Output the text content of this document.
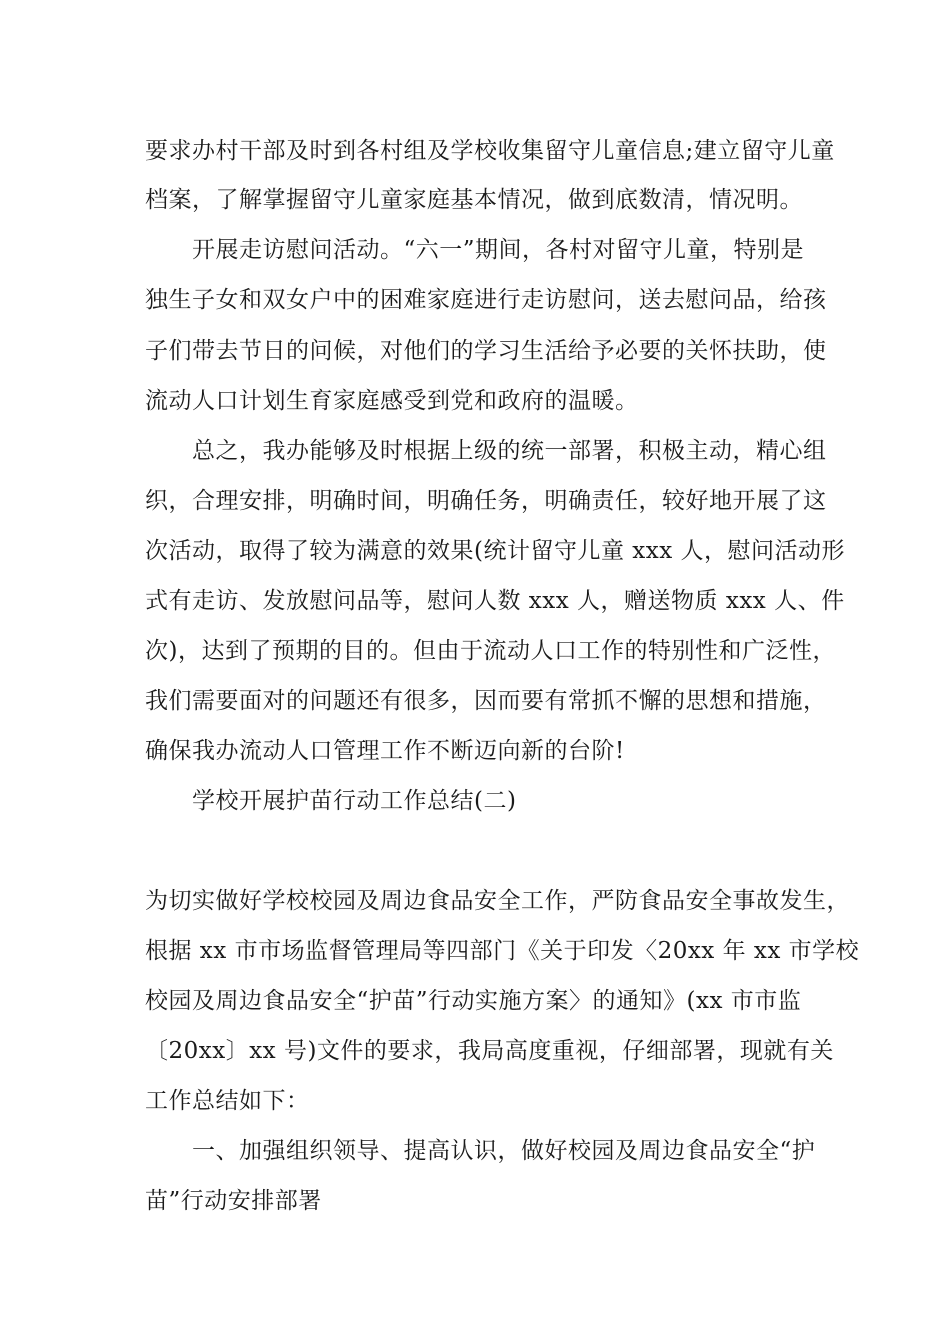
要求办村干部及时到各村组及学校收集留守儿童信息;建立留守儿童
档案，了解掌握留守儿童家庭基本情况，做到底数清，情况明。
开展走访慰问活动。“六一”期间，各村对留守儿童，特别是
独生子女和双女户中的困难家庭进行走访慰问，送去慰问品，给孩
子们带去节日的问候，对他们的学习生活给予必要的关怀扶助，使
流动人口计划生育家庭感受到党和政府的温暖。
总之，我办能够及时根据上级的统一部署，积极主动，精心组
织，合理安排，明确时间，明确任务，明确责任，较好地开展了这
次活动，取得了较为满意的效果(统计留守儿童 xxx 人，慰问活动形
式有走访、发放慰问品等，慰问人数 xxx 人，赠送物质 xxx 人、件
次)，达到了预期的目的。但由于流动人口工作的特别性和广泛性，
我们需要面对的问题还有很多，因而要有常抓不懈的思想和措施，
确保我办流动人口管理工作不断迈向新的台阶!
学校开展护苗行动工作总结(二)
为切实做好学校校园及周边食品安全工作，严防食品安全事故发生，
根据 xx 市市场监督管理局等四部门《关于印发〈20xx 年 xx 市学校
校园及周边食品安全“护苗”行动实施方案〉的通知》(xx 市市监
〔20xx〕xx 号)文件的要求，我局高度重视，仔细部署，现就有关
工作总结如下：
一、加强组织领导、提高认识，做好校园及周边食品安全“护
苗”行动安排部署
